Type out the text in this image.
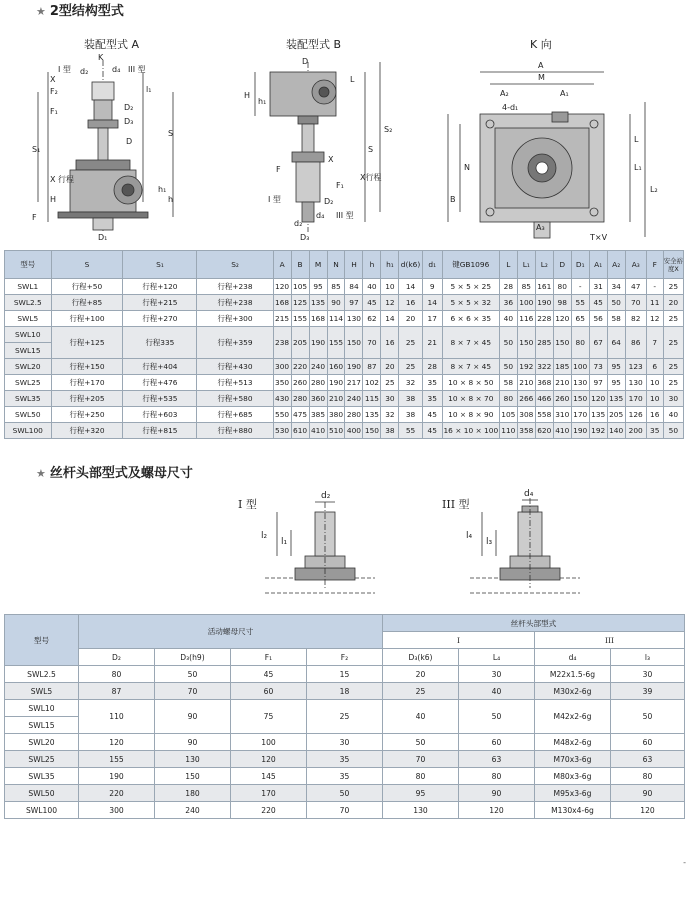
★ 2型结构型式
装配型式 A	装配型式 B	K 向
K
I 型 d₂	d₄ III 型
D₂
D₃
F₁
F₂
X
l₁
S
S₁
X 行程
D
H	h
h₁
F
D₁
D
H
h₁
L
S₂
S
X行程
F
X
F₁
I 型
III 型
d₂
d₄
D₃
D₂
A
M
A₂	A₁
4-d₁
L
N
B
L₁
L₂
A₃
T×V
型号	S	S₁	S₂	A	B	M	N	H	h	h₁	d(k6)	d₁	键GB1096	L	L₁	L₂	D	D₁	A₁	A₂	A₃	F	安全裕度X
SWL1	行程+50	行程+120	行程+238	120	105	95	85	84	40	10	14	9	5 × 5 × 25	28	85	161	80	-	31	34	47	-	25
SWL2.5	行程+85	行程+215	行程+238	168	125	135	90	97	45	12	16	14	5 × 5 × 32	36	100	190	98	55	45	50	70	11	20
SWL5	行程+100	行程+270	行程+300	215	155	168	114	130	62	14	20	17	6 × 6 × 35	40	116	228	120	65	56	58	82	12	25
SWL10	行程+125	行程335	行程+359	238	205	190	155	150	70	16	25	21	8 × 7 × 45	50	150	285	150	80	67	64	86	7	25
SWL15																							
SWL20	行程+150	行程+404	行程+430	300	220	240	160	190	87	20	25	28	8 × 7 × 45	50	192	322	185	100	73	95	123	6	25
SWL25	行程+170	行程+476	行程+513	350	260	280	190	217	102	25	32	35	10 × 8 × 50	58	210	368	210	130	97	95	130	10	25
SWL35	行程+205	行程+535	行程+580	430	280	360	210	240	115	30	38	35	10 × 8 × 70	80	266	466	260	150	120	135	170	10	30
SWL50	行程+250	行程+603	行程+685	550	475	385	380	280	135	32	38	45	10 × 8 × 90	105	308	558	310	170	135	205	126	16	40
SWL100	行程+320	行程+815	行程+880	530	610	410	510	400	150	38	55	45	16 × 10 × 100	110	358	620	410	190	192	140	200	35	50
★ 丝杆头部型式及螺母尺寸
I 型	III 型
d₂
l₂
l₁
d₄
l₄
l₃
型号	活动螺母尺寸				丝杆头部型式			
					I		III	
	D₂	D₃(h9)	F₁	F₂	D₃(k6)	L₄	d₄	l₃
SWL2.5	80	50	45	15	20	30	M22x1.5-6g	30
SWL5	87	70	60	18	25	40	M30x2-6g	39
SWL10	110	90	75	25	40	50	M42x2-6g	50
SWL15								
SWL20	120	90	100	30	50	60	M48x2-6g	60
SWL25	155	130	120	35	70	63	M70x3-6g	63
SWL35	190	150	145	35	80	80	M80x3-6g	80
SWL50	220	180	170	50	95	90	M95x3-6g	90
SWL100	300	240	220	70	130	120	M130x4-6g	120
-
